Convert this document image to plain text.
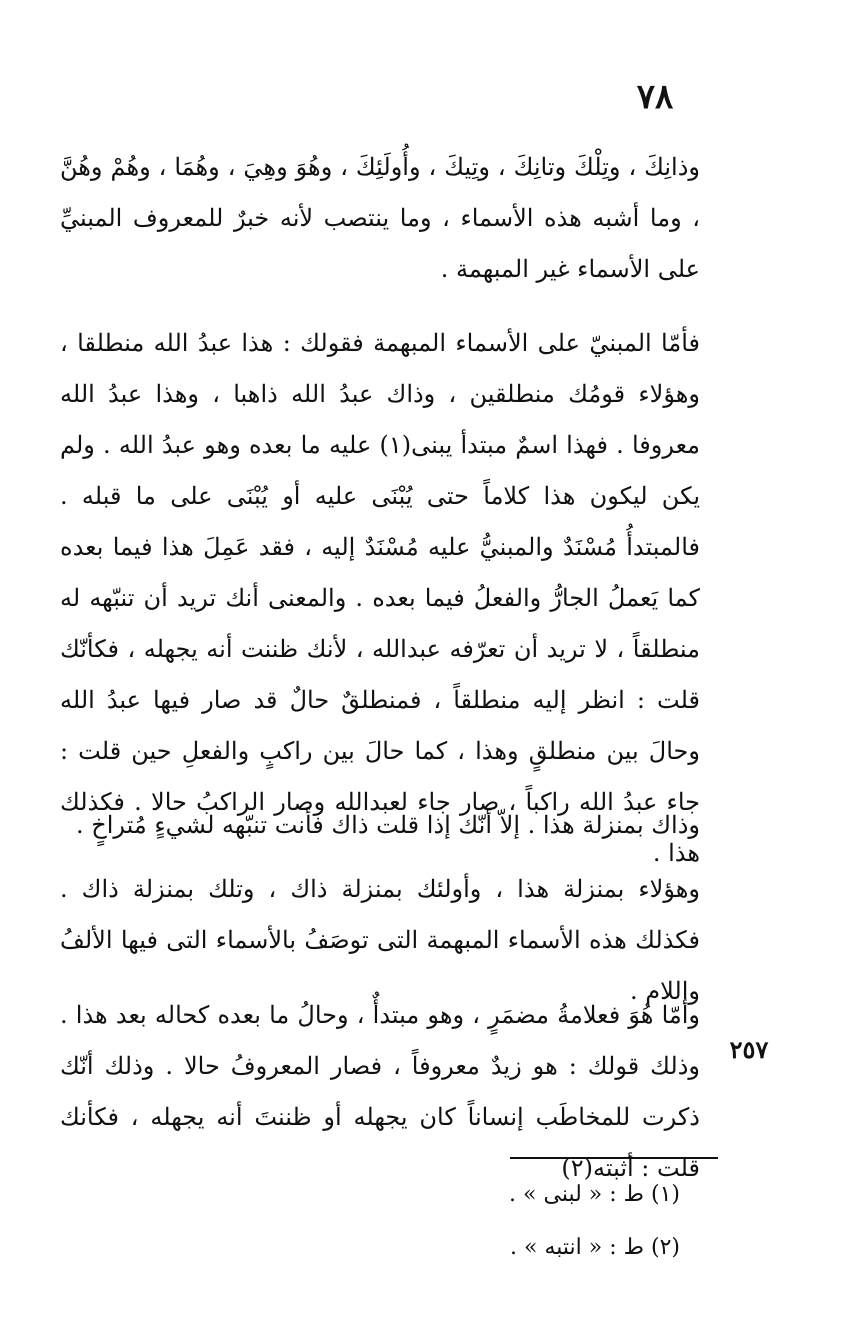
٧٨

وذانِكَ ، وتِلْكَ وتانِكَ ، وتِيكَ ، وأُولَئِكَ ، وهُوَ وهِيَ ، وهُمَا ، وهُمْ وهُنَّ ، وما أشبه هذه الأسماء ، وما ينتصب لأنه خبرٌ للمعروف المبنيِّ على الأسماء غير المبهمة .

فأمّا المبنيّ على الأسماء المبهمة فقولك : هذا عبدُ الله منطلقا ، وهؤلاء قومُك منطلقين ، وذاك عبدُ الله ذاهبا ، وهذا عبدُ الله معروفا . فهذا اسمٌ مبتدأ يبنى(١) عليه ما بعده وهو عبدُ الله . ولم يكن ليكون هذا كلاماً حتى يُبْنَى عليه أو يُبْنَى على ما قبله . فالمبتدأُ مُسْنَدٌ والمبنيُّ عليه مُسْنَدٌ إليه ، فقد عَمِلَ هذا فيما بعده كما يَعملُ الجارُّ والفعلُ فيما بعده . والمعنى أنك تريد أن تنبّهه له منطلقاً ، لا تريد أن تعرّفه عبدالله ، لأنك ظننت أنه يجهله ، فكأنّك قلت : انظر إليه منطلقاً ، فمنطلقٌ حالٌ قد صار فيها عبدُ الله وحالَ بين منطلقٍ وهذا ، كما حالَ بين راكبٍ والفعلِ حين قلت : جاء عبدُ الله راكباً ، صار جاء لعبدالله وصار الراكبُ حالا . فكذلك هذا .

وذاك بمنزلة هذا . إلاّ أنّك إذا قلت ذاك فأنت تنبّهه لشيءٍ مُتراخٍ .

وهؤلاء بمنزلة هذا ، وأولئك بمنزلة ذاك ، وتلك بمنزلة ذاك . فكذلك هذه الأسماء المبهمة التى توصَفُ بالأسماء التى فيها الألفُ واللام .

٢٥٧

وأمّا هُوَ فعلامةُ مضمَرٍ ، وهو مبتدأٌ ، وحالُ ما بعده كحاله بعد هذا . وذلك قولك : هو زيدٌ معروفاً ، فصار المعروفُ حالا . وذلك أنّك ذكرت للمخاطَب إنساناً كان يجهله أو ظننتَ أنه يجهله ، فكأنك قلت : أثبته(٢)

(١) ط : « لبنى » .

(٢) ط : « انتبه » .
